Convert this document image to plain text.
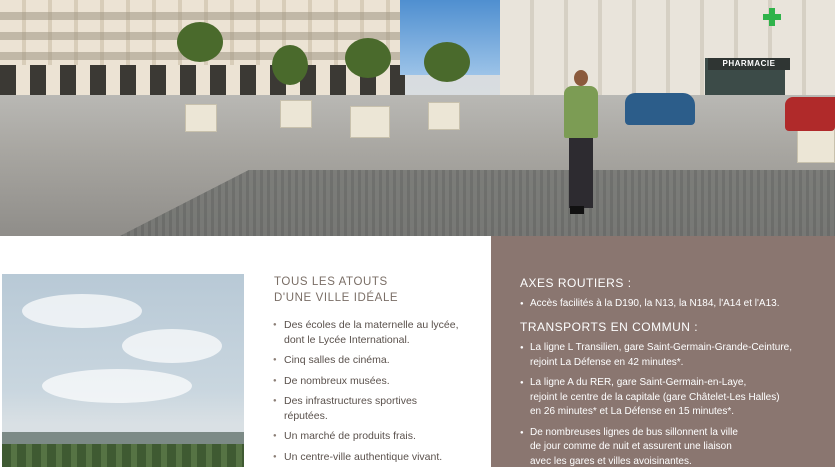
PHARMACIE
TOUS LES ATOUTS
D'UNE VILLE IDÉALE
● Des écoles de la maternelle au lycée,
dont le Lycée International.
● Cinq salles de cinéma.
● De nombreux musées.
● Des infrastructures sportives
réputées.
● Un marché de produits frais.
● Un centre-ville authentique vivant.
AXES ROUTIERS :
● Accès facilités à la D190, la N13, la N184, l'A14 et l'A13.
TRANSPORTS EN COMMUN :
● La ligne L Transilien, gare Saint-Germain-Grande-Ceinture,
rejoint La Défense en 42 minutes*.
● La ligne A du RER, gare Saint-Germain-en-Laye,
rejoint le centre de la capitale (gare Châtelet-Les Halles)
en 26 minutes* et La Défense en 15 minutes*.
● De nombreuses lignes de bus sillonnent la ville
de jour comme de nuit et assurent une liaison
avec les gares et villes avoisinantes.
